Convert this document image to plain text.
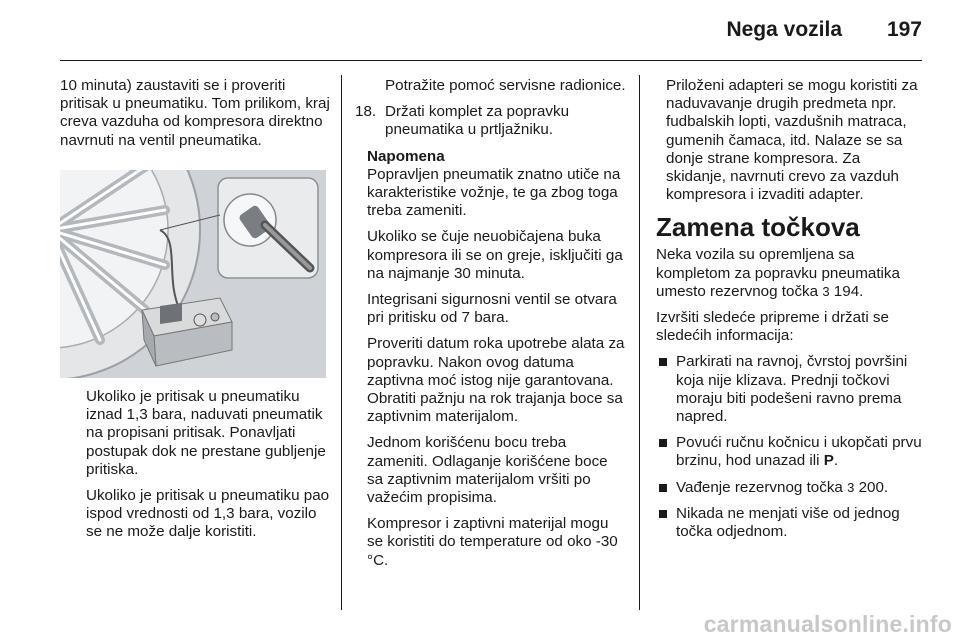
Nega vozila 197

10 minuta) zaustaviti se i proveriti pritisak u pneumatiku. Tom prilikom, kraj creva vazduha od kompresora direktno navrnuti na ventil pneumatika.

Ukoliko je pritisak u pneumatiku iznad 1,3 bara, naduvati pneumatik na propisani pritisak. Ponavljati postupak dok ne prestane gubljenje pritiska.

Ukoliko je pritisak u pneumatiku pao ispod vrednosti od 1,3 bara, vozilo se ne može dalje koristiti.

Potražite pomoć servisne radionice.

18. Držati komplet za popravku pneumatika u prtljažniku.

Napomena

Popravljen pneumatik znatno utiče na karakteristike vožnje, te ga zbog toga treba zameniti.

Ukoliko se čuje neuobičajena buka kompresora ili se on greje, isključiti ga na najmanje 30 minuta.

Integrisani sigurnosni ventil se otvara pri pritisku od 7 bara.

Proveriti datum roka upotrebe alata za popravku. Nakon ovog datuma zaptivna moć istog nije garantovana. Obratiti pažnju na rok trajanja boce sa zaptivnim materijalom.

Jednom korišćenu bocu treba zameniti. Odlaganje korišćene boce sa zaptivnim materijalom vršiti po važećim propisima.

Kompresor i zaptivni materijal mogu se koristiti do temperature od oko -30 °C.

Priloženi adapteri se mogu koristiti za naduvavanje drugih predmeta npr. fudbalskih lopti, vazdušnih matraca, gumenih čamaca, itd. Nalaze se sa donje strane kompresora. Za skidanje, navrnuti crevo za vazduh kompresora i izvaditi adapter.

Zamena točkova

Neka vozila su opremljena sa kompletom za popravku pneumatika umesto rezervnog točka 3 194.

Izvršiti sledeće pripreme i držati se sledećih informacija:

Parkirati na ravnoj, čvrstoj površini koja nije klizava. Prednji točkovi moraju biti podešeni ravno prema napred.
Povući ručnu kočnicu i ukopčati prvu brzinu, hod unazad ili P.
Vađenje rezervnog točka 3 200.
Nikada ne menjati više od jednog točka odjednom.
carmanualsonline.info
